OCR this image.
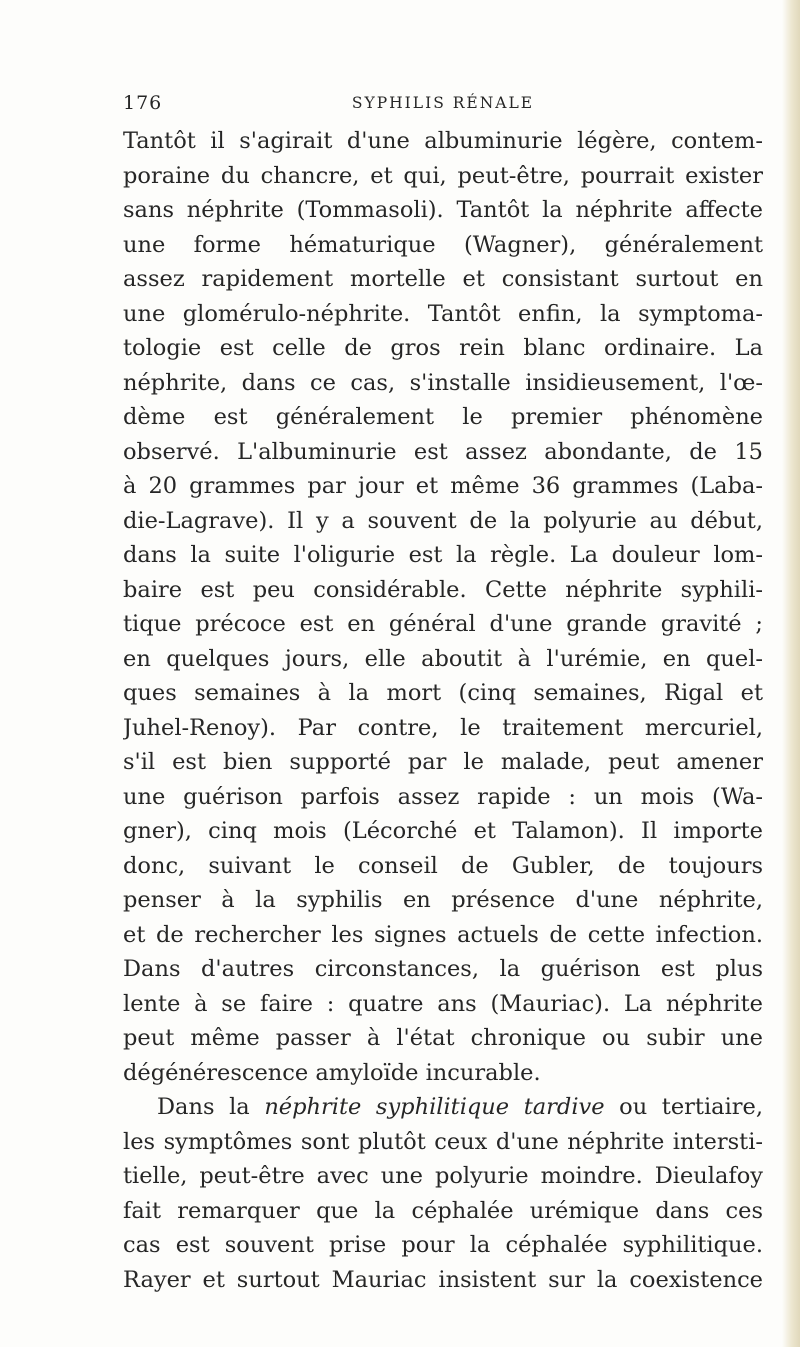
176	SYPHILIS RÉNALE
Tantôt il s'agirait d'une albuminurie légère, contem-
poraine du chancre, et qui, peut-être, pourrait exister
sans néphrite (Tommasoli). Tantôt la néphrite affecte
une forme hématurique (Wagner), généralement
assez rapidement mortelle et consistant surtout en
une glomérulo-néphrite. Tantôt enfin, la symptoma-
tologie est celle de gros rein blanc ordinaire. La
néphrite, dans ce cas, s'installe insidieusement, l'œ-
dème est généralement le premier phénomène
observé. L'albuminurie est assez abondante, de 15
à 20 grammes par jour et même 36 grammes (Laba-
die-Lagrave). Il y a souvent de la polyurie au début,
dans la suite l'oligurie est la règle. La douleur lom-
baire est peu considérable. Cette néphrite syphili-
tique précoce est en général d'une grande gravité ;
en quelques jours, elle aboutit à l'urémie, en quel-
ques semaines à la mort (cinq semaines, Rigal et
Juhel-Renoy). Par contre, le traitement mercuriel,
s'il est bien supporté par le malade, peut amener
une guérison parfois assez rapide : un mois (Wa-
gner), cinq mois (Lécorché et Talamon). Il importe
donc, suivant le conseil de Gubler, de toujours
penser à la syphilis en présence d'une néphrite,
et de rechercher les signes actuels de cette infection.
Dans d'autres circonstances, la guérison est plus
lente à se faire : quatre ans (Mauriac). La néphrite
peut même passer à l'état chronique ou subir une
dégénérescence amyloïde incurable.
Dans la néphrite syphilitique tardive ou tertiaire,
les symptômes sont plutôt ceux d'une néphrite intersti-
tielle, peut-être avec une polyurie moindre. Dieulafoy
fait remarquer que la céphalée urémique dans ces
cas est souvent prise pour la céphalée syphilitique.
Rayer et surtout Mauriac insistent sur la coexistence
